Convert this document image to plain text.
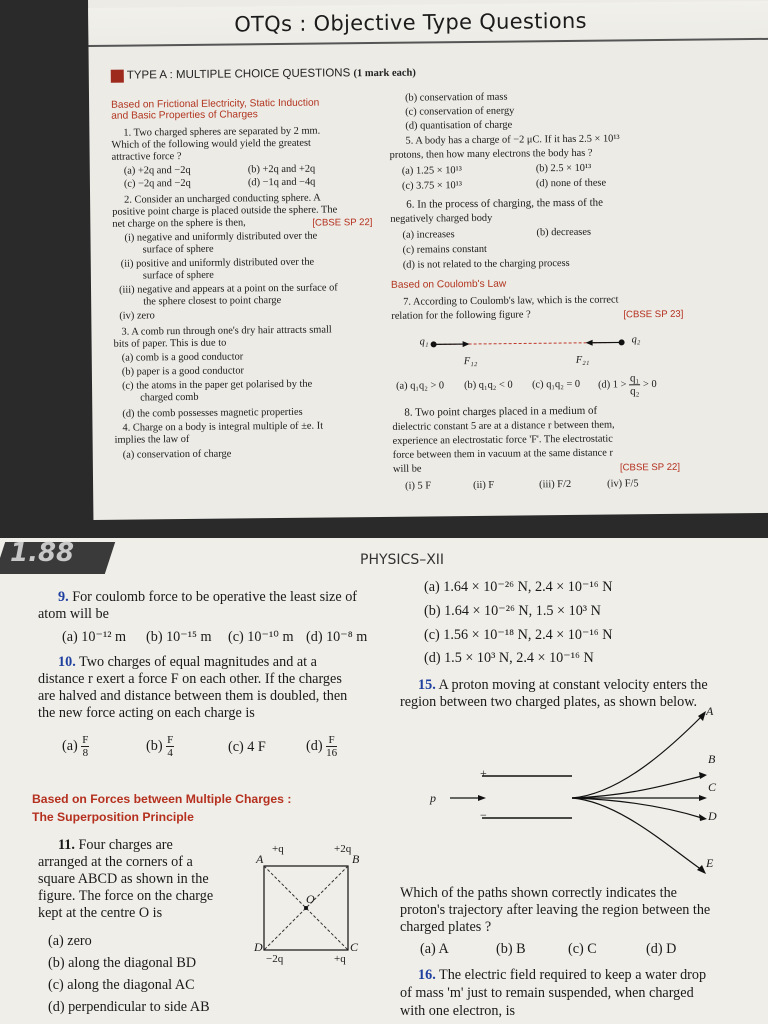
OTQs : Objective Type Questions
TYPE A : MULTIPLE CHOICE QUESTIONS (1 mark each)
Based on Frictional Electricity, Static Induction
and Basic Properties of Charges
1. Two charged spheres are separated by 2 mm.
Which of the following would yield the greatest
attractive force ?
(a) +2q and −2q	(b) +2q and +2q
(c) −2q and −2q	(d) −1q and −4q
2. Consider an uncharged conducting sphere. A
positive point charge is placed outside the sphere. The
net charge on the sphere is then,	[CBSE SP 22]
(i) negative and uniformly distributed over the
surface of sphere
(ii) positive and uniformly distributed over the
surface of sphere
(iii) negative and appears at a point on the surface of
the sphere closest to point charge
(iv) zero
3. A comb run through one's dry hair attracts small
bits of paper. This is due to
(a) comb is a good conductor
(b) paper is a good conductor
(c) the atoms in the paper get polarised by the
charged comb
(d) the comb possesses magnetic properties
4. Charge on a body is integral multiple of ±e. It
implies the law of
(a) conservation of charge
(b) conservation of mass
(c) conservation of energy
(d) quantisation of charge
5. A body has a charge of −2 μC. If it has 2.5 × 10¹³
protons, then how many electrons the body has ?
(a) 1.25 × 10¹³	(b) 2.5 × 10¹³
(c) 3.75 × 10¹³	(d) none of these
6. In the process of charging, the mass of the
negatively charged body
(a) increases	(b) decreases
(c) remains constant
(d) is not related to the charging process
Based on Coulomb's Law
7. According to Coulomb's law, which is the correct
relation for the following figure ?	[CBSE SP 23]
q₁	q₂
F₁₂	F₂₁
(a) q₁q₂ > 0 (b) q₁q₂ < 0 (c) q₁q₂ = 0 (d) $1 > \frac{\text{q₁}}{\text{q₂}} > 0$
8. Two point charges placed in a medium of
dielectric constant 5 are at a distance r between them,
experience an electrostatic force 'F'. The electrostatic
force between them in vacuum at the same distance r
will be	[CBSE SP 22]
(i) 5 F	(ii) F	(iii) F/2	(iv) F/5
1.88	PHYSICS–XII
9. For coulomb force to be operative the least size of
atom will be
(a) 10⁻¹² m (b) 10⁻¹⁵ m (c) 10⁻¹⁰ m (d) 10⁻⁸ m
10. Two charges of equal magnitudes and at a
distance r exert a force F on each other. If the charges
are halved and distance between them is doubled, then
the new force acting on each charge is
$(a) \frac{F}{8}$	$(b) \frac{F}{4}$	(c) 4 F	$(d) \frac{F}{16}$
Based on Forces between Multiple Charges :
The Superposition Principle
11. Four charges are
arranged at the corners of a
square ABCD as shown in the
figure. The force on the charge
kept at the centre O is
(a) zero
(b) along the diagonal BD
(c) along the diagonal AC
(d) perpendicular to side AB
A	B
C
D
O
+q	+2q
+q
−2q
(a) 1.64 × 10⁻²⁶ N, 2.4 × 10⁻¹⁶ N
(b) 1.64 × 10⁻²⁶ N, 1.5 × 10³ N
(c) 1.56 × 10⁻¹⁸ N, 2.4 × 10⁻¹⁶ N
(d) 1.5 × 10³ N, 2.4 × 10⁻¹⁶ N
15. A proton moving at constant velocity enters the
region between two charged plates, as shown below.
A
B
C
D
E
p
+
−
Which of the paths shown correctly indicates the
proton's trajectory after leaving the region between the
charged plates ?
(a) A	(b) B	(c) C	(d) D
16. The electric field required to keep a water drop
of mass 'm' just to remain suspended, when charged
with one electron, is
